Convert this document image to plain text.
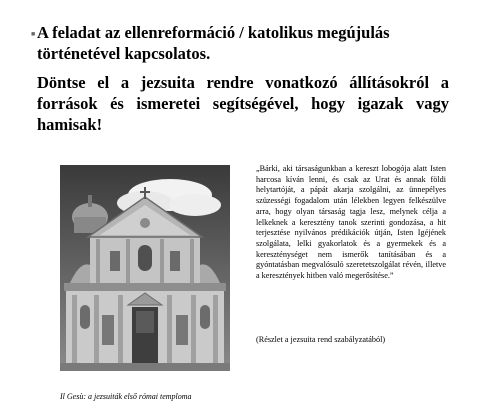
■ A feladat az ellenreformáció / katolikus megújulás történetével kapcsolatos.

Döntse el a jezsuita rendre vonatkozó állításokról a források és ismeretei segítségével, hogy igazak vagy hamisak!

Il Gesù: a jezsuiták első római temploma

„Bárki, aki társaságunkban a kereszt lobogója alatt Isten harcosa kíván lenni, és csak az Urat és annak földi helytartóját, a pápát akarja szolgálni, az ünnepélyes szüzességi fogadalom után lélekben legyen felkészülve arra, hogy olyan társaság tagja lesz, melynek célja a lelkeknek a keresztény tanok szerinti gondozása, a hit terjesztése nyilvános prédikációk útján, Isten Igéjének szolgálata, lelki gyakorlatok és a gyermekek és a kereszténységet nem ismerők tanításában és a gyóntatásban megvalósuló szeretetszolgálat révén, illetve a keresztények hitben való megerősítése.”

(Részlet a jezsuita rend szabályzatából)
